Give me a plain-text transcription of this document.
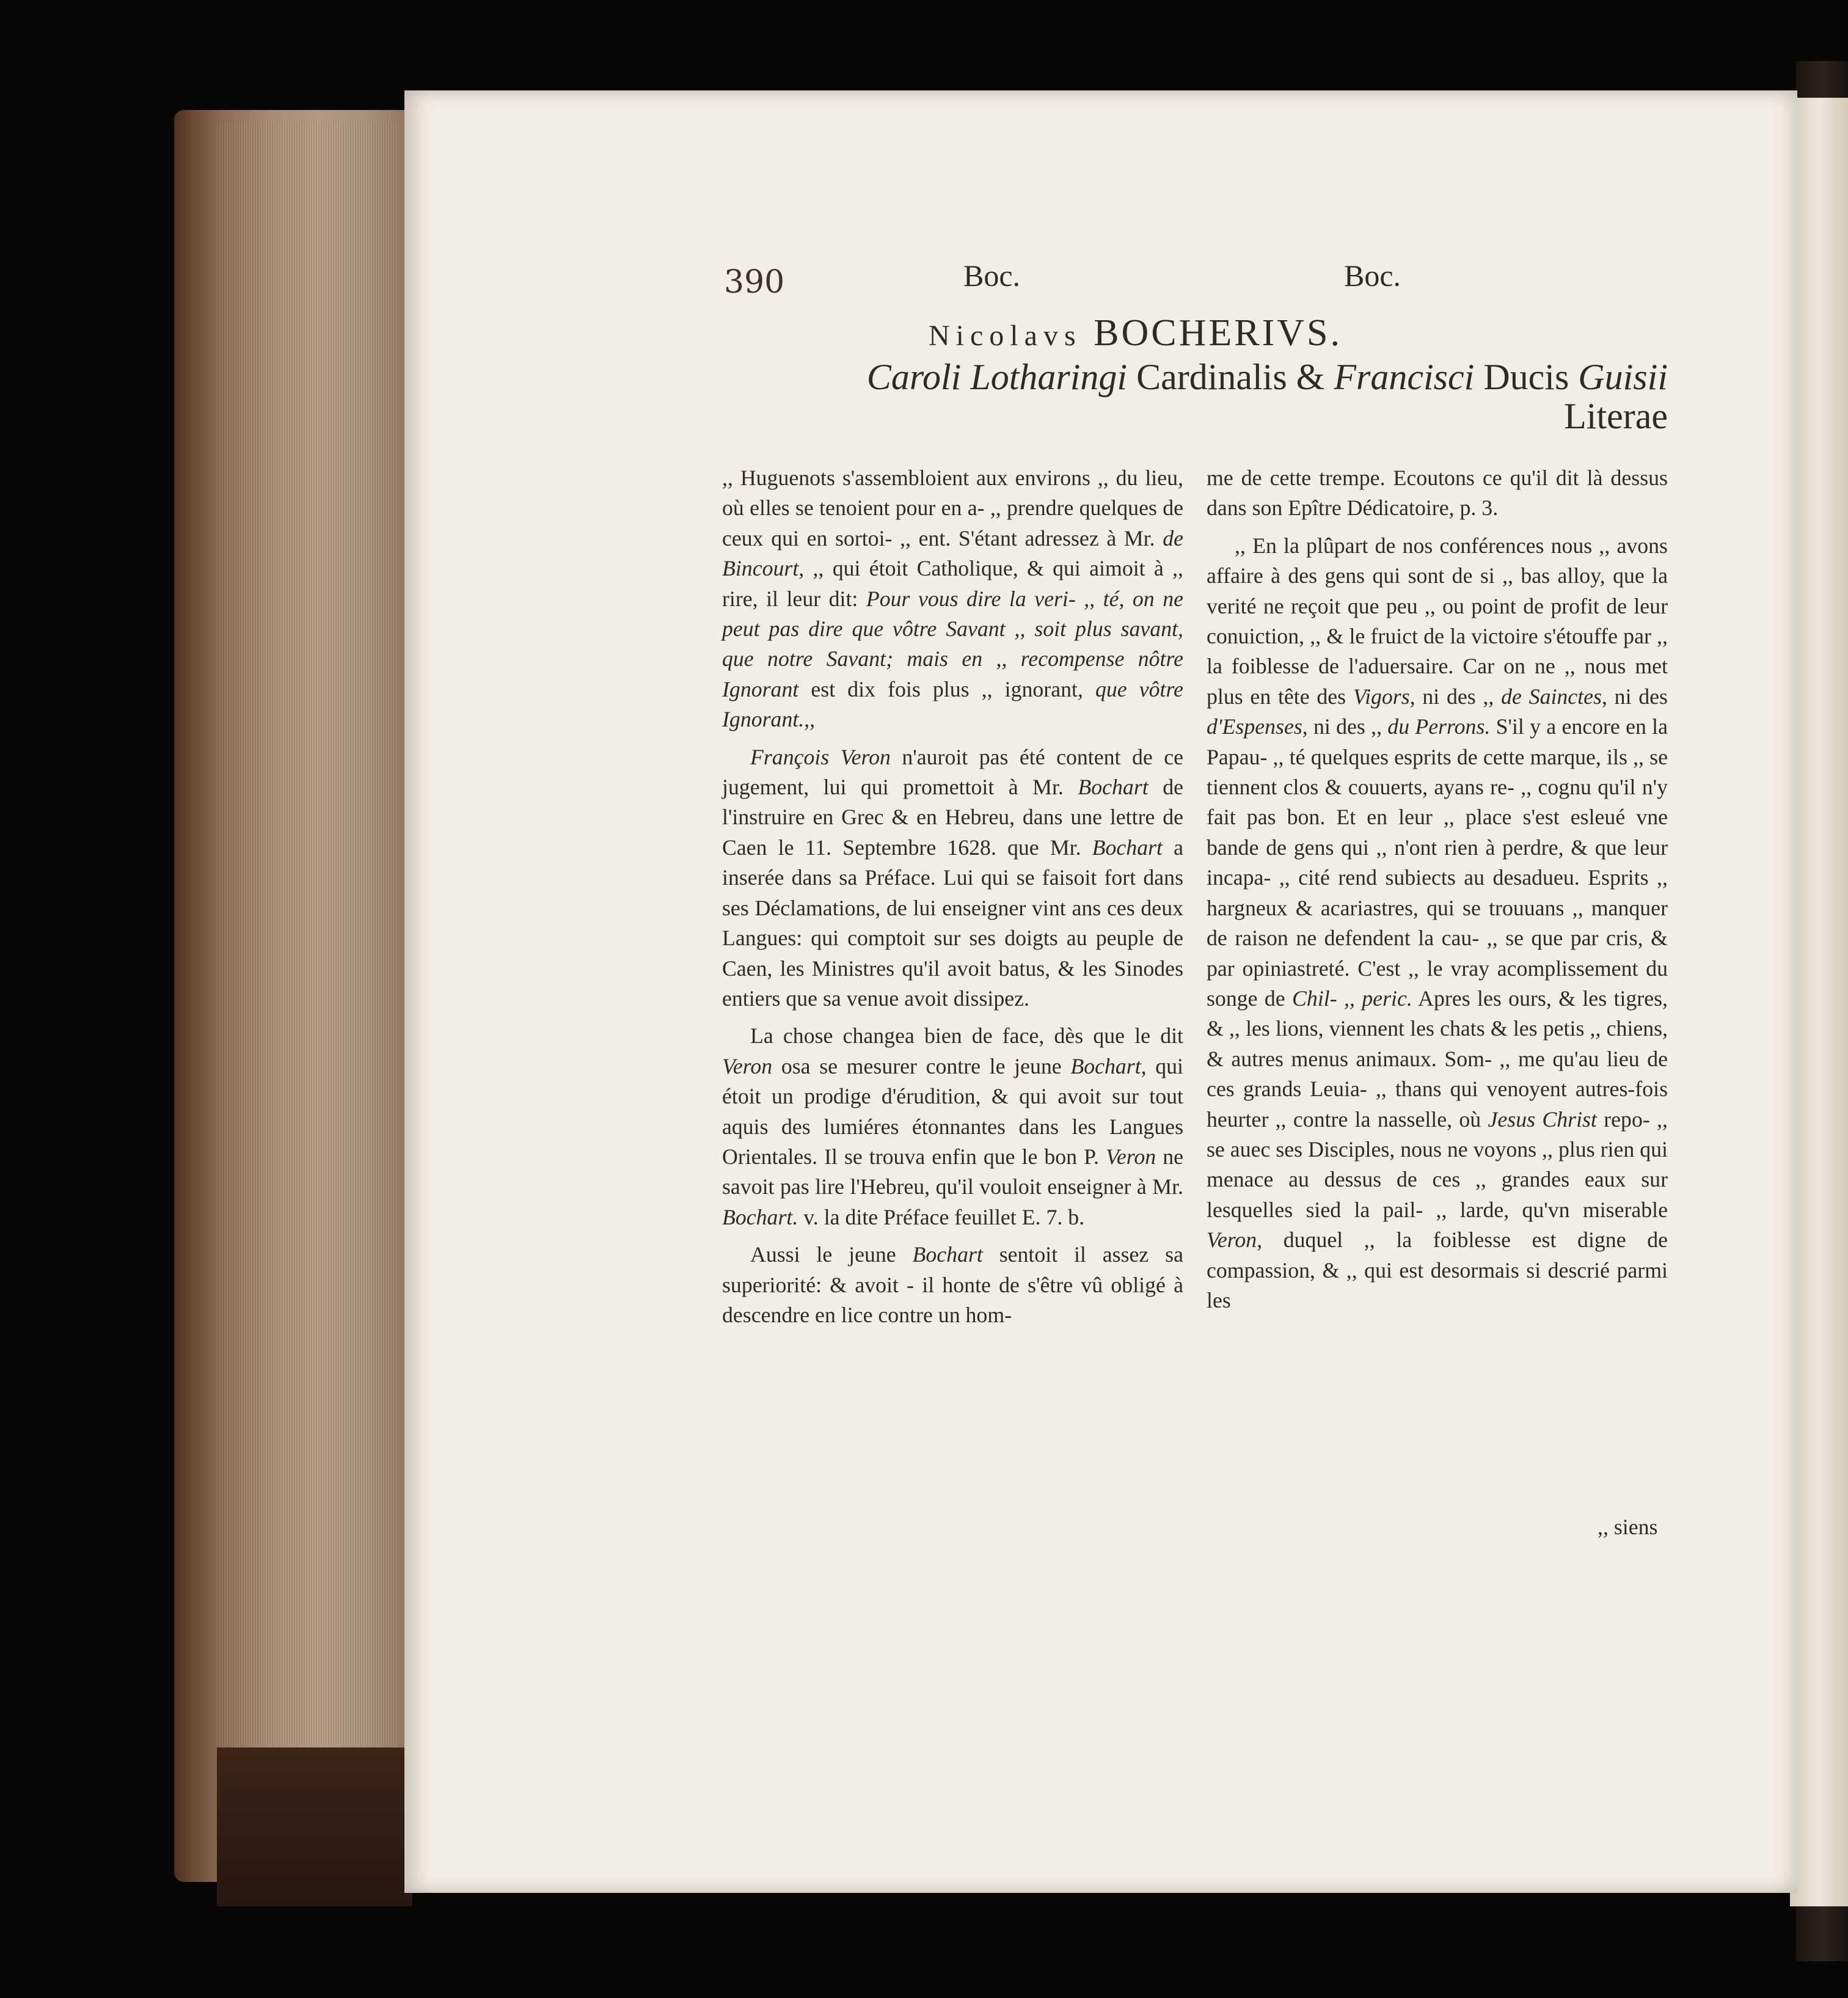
390	Boc.	Boc.
Nicolavs BOCHERIVS.
Caroli Lotharingi Cardinalis & Francisci Ducis Guisii Literae

,, Huguenots s'assembloient aux environs ,, du lieu, où elles se tenoient pour en a- ,, prendre quelques de ceux qui en sortoi- ,, ent. S'étant adressez à Mr. de Bincourt, ,, qui étoit Catholique, & qui aimoit à ,, rire, il leur dit: Pour vous dire la veri- ,, té, on ne peut pas dire que vôtre Savant ,, soit plus savant, que notre Savant; mais en ,, recompense nôtre Ignorant est dix fois plus ,, ignorant, que vôtre Ignorant.,,

François Veron n'auroit pas été content de ce jugement, lui qui promettoit à Mr. Bochart de l'instruire en Grec & en Hebreu, dans une lettre de Caen le 11. Septembre 1628. que Mr. Bochart a inserée dans sa Préface. Lui qui se faisoit fort dans ses Déclamations, de lui enseigner vint ans ces deux Langues: qui comptoit sur ses doigts au peuple de Caen, les Ministres qu'il avoit batus, & les Sinodes entiers que sa venue avoit dissipez.

La chose changea bien de face, dès que le dit Veron osa se mesurer contre le jeune Bochart, qui étoit un prodige d'érudition, & qui avoit sur tout aquis des lumiéres étonnantes dans les Langues Orientales. Il se trouva enfin que le bon P. Veron ne savoit pas lire l'Hebreu, qu'il vouloit enseigner à Mr. Bochart. v. la dite Préface feuillet E. 7. b.

Aussi le jeune Bochart sentoit il assez sa superiorité: & avoit - il honte de s'être vû obligé à descendre en lice contre un hom-

me de cette trempe. Ecoutons ce qu'il dit là dessus dans son Epître Dédicatoire, p. 3.

,, En la plûpart de nos conférences nous ,, avons affaire à des gens qui sont de si ,, bas alloy, que la verité ne reçoit que peu ,, ou point de profit de leur conuiction, ,, & le fruict de la victoire s'étouffe par ,, la foiblesse de l'aduersaire. Car on ne ,, nous met plus en tête des Vigors, ni des ,, de Sainctes, ni des d'Espenses, ni des ,, du Perrons. S'il y a encore en la Papau- ,, té quelques esprits de cette marque, ils ,, se tiennent clos & couuerts, ayans re- ,, cognu qu'il n'y fait pas bon. Et en leur ,, place s'est esleué vne bande de gens qui ,, n'ont rien à perdre, & que leur incapa- ,, cité rend subiects au desadueu. Esprits ,, hargneux & acariastres, qui se trouuans ,, manquer de raison ne defendent la cau- ,, se que par cris, & par opiniastreté. C'est ,, le vray acomplissement du songe de Chil- ,, peric. Apres les ours, & les tigres, & ,, les lions, viennent les chats & les petis ,, chiens, & autres menus animaux. Som- ,, me qu'au lieu de ces grands Leuia- ,, thans qui venoyent autres-fois heurter ,, contre la nasselle, où Jesus Christ repo- ,, se auec ses Disciples, nous ne voyons ,, plus rien qui menace au dessus de ces ,, grandes eaux sur lesquelles sied la pail- ,, larde, qu'vn miserable Veron, duquel ,, la foiblesse est digne de compassion, & ,, qui est desormais si descrié parmi les

,, siens
